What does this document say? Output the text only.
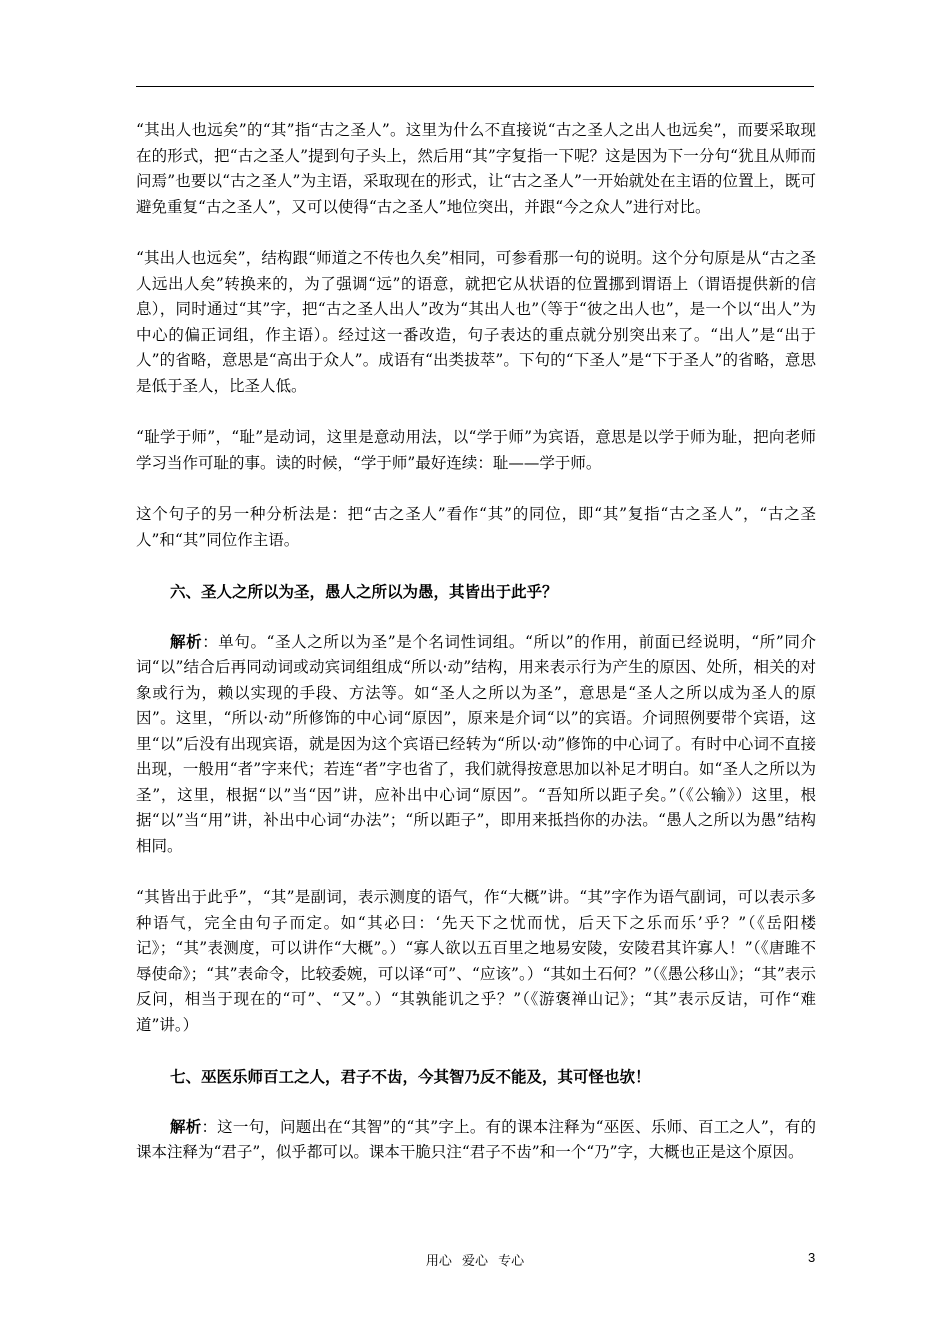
“其出人也远矣”的“其”指“古之圣人”。这里为什么不直接说“古之圣人之出人也远矣”，而要采取现在的形式，把“古之圣人”提到句子头上，然后用“其”字复指一下呢？这是因为下一分句“犹且从师而问焉”也要以“古之圣人”为主语，采取现在的形式，让“古之圣人”一开始就处在主语的位置上，既可避免重复“古之圣人”，又可以使得“古之圣人”地位突出，并跟“今之众人”进行对比。

“其出人也远矣”，结构跟“师道之不传也久矣”相同，可参看那一句的说明。这个分句原是从“古之圣人远出人矣”转换来的，为了强调“远”的语意，就把它从状语的位置挪到谓语上（谓语提供新的信息），同时通过“其”字，把“古之圣人出人”改为“其出人也”（等于“彼之出人也”，是一个以“出人”为中心的偏正词组，作主语）。经过这一番改造，句子表达的重点就分别突出来了。“出人”是“出于人”的省略，意思是“高出于众人”。成语有“出类拔萃”。下句的“下圣人”是“下于圣人”的省略，意思是低于圣人，比圣人低。

“耻学于师”，“耻”是动词，这里是意动用法，以“学于师”为宾语，意思是以学于师为耻，把向老师学习当作可耻的事。读的时候，“学于师”最好连续：耻——学于师。

这个句子的另一种分析法是：把“古之圣人”看作“其”的同位，即“其”复指“古之圣人”，“古之圣人”和“其”同位作主语。

六、圣人之所以为圣，愚人之所以为愚，其皆出于此乎？

解析：单句。“圣人之所以为圣”是个名词性词组。“所以”的作用，前面已经说明，“所”同介词“以”结合后再同动词或动宾词组组成“所以·动”结构，用来表示行为产生的原因、处所，相关的对象或行为，赖以实现的手段、方法等。如“圣人之所以为圣”，意思是“圣人之所以成为圣人的原因”。这里，“所以·动”所修饰的中心词“原因”，原来是介词“以”的宾语。介词照例要带个宾语，这里“以”后没有出现宾语，就是因为这个宾语已经转为“所以·动”修饰的中心词了。有时中心词不直接出现，一般用“者”字来代；若连“者”字也省了，我们就得按意思加以补足才明白。如“圣人之所以为圣”，这里，根据“以”当“因”讲，应补出中心词“原因”。“吾知所以距子矣。”（《公输》）这里，根据“以”当“用”讲，补出中心词“办法”；“所以距子”，即用来抵挡你的办法。“愚人之所以为愚”结构相同。

“其皆出于此乎”，“其”是副词，表示测度的语气，作“大概”讲。“其”字作为语气副词，可以表示多种语气，完全由句子而定。如“其必曰：‘先天下之忧而忧，后天下之乐而乐’乎？”（《岳阳楼记》；“其”表测度，可以讲作“大概”。）“寡人欲以五百里之地易安陵，安陵君其许寡人！”（《唐雎不辱使命》；“其”表命令，比较委婉，可以译“可”、“应该”。）“其如土石何？”（《愚公移山》；“其”表示反问，相当于现在的“可”、“又”。）“其孰能讥之乎？”（《游褒禅山记》；“其”表示反诘，可作“难道”讲。）

七、巫医乐师百工之人，君子不齿，今其智乃反不能及，其可怪也欤！

解析：这一句，问题出在“其智”的“其”字上。有的课本注释为“巫医、乐师、百工之人”，有的课本注释为“君子”，似乎都可以。课本干脆只注“君子不齿”和一个“乃”字，大概也正是这个原因。

用心 爱心 专心	3
